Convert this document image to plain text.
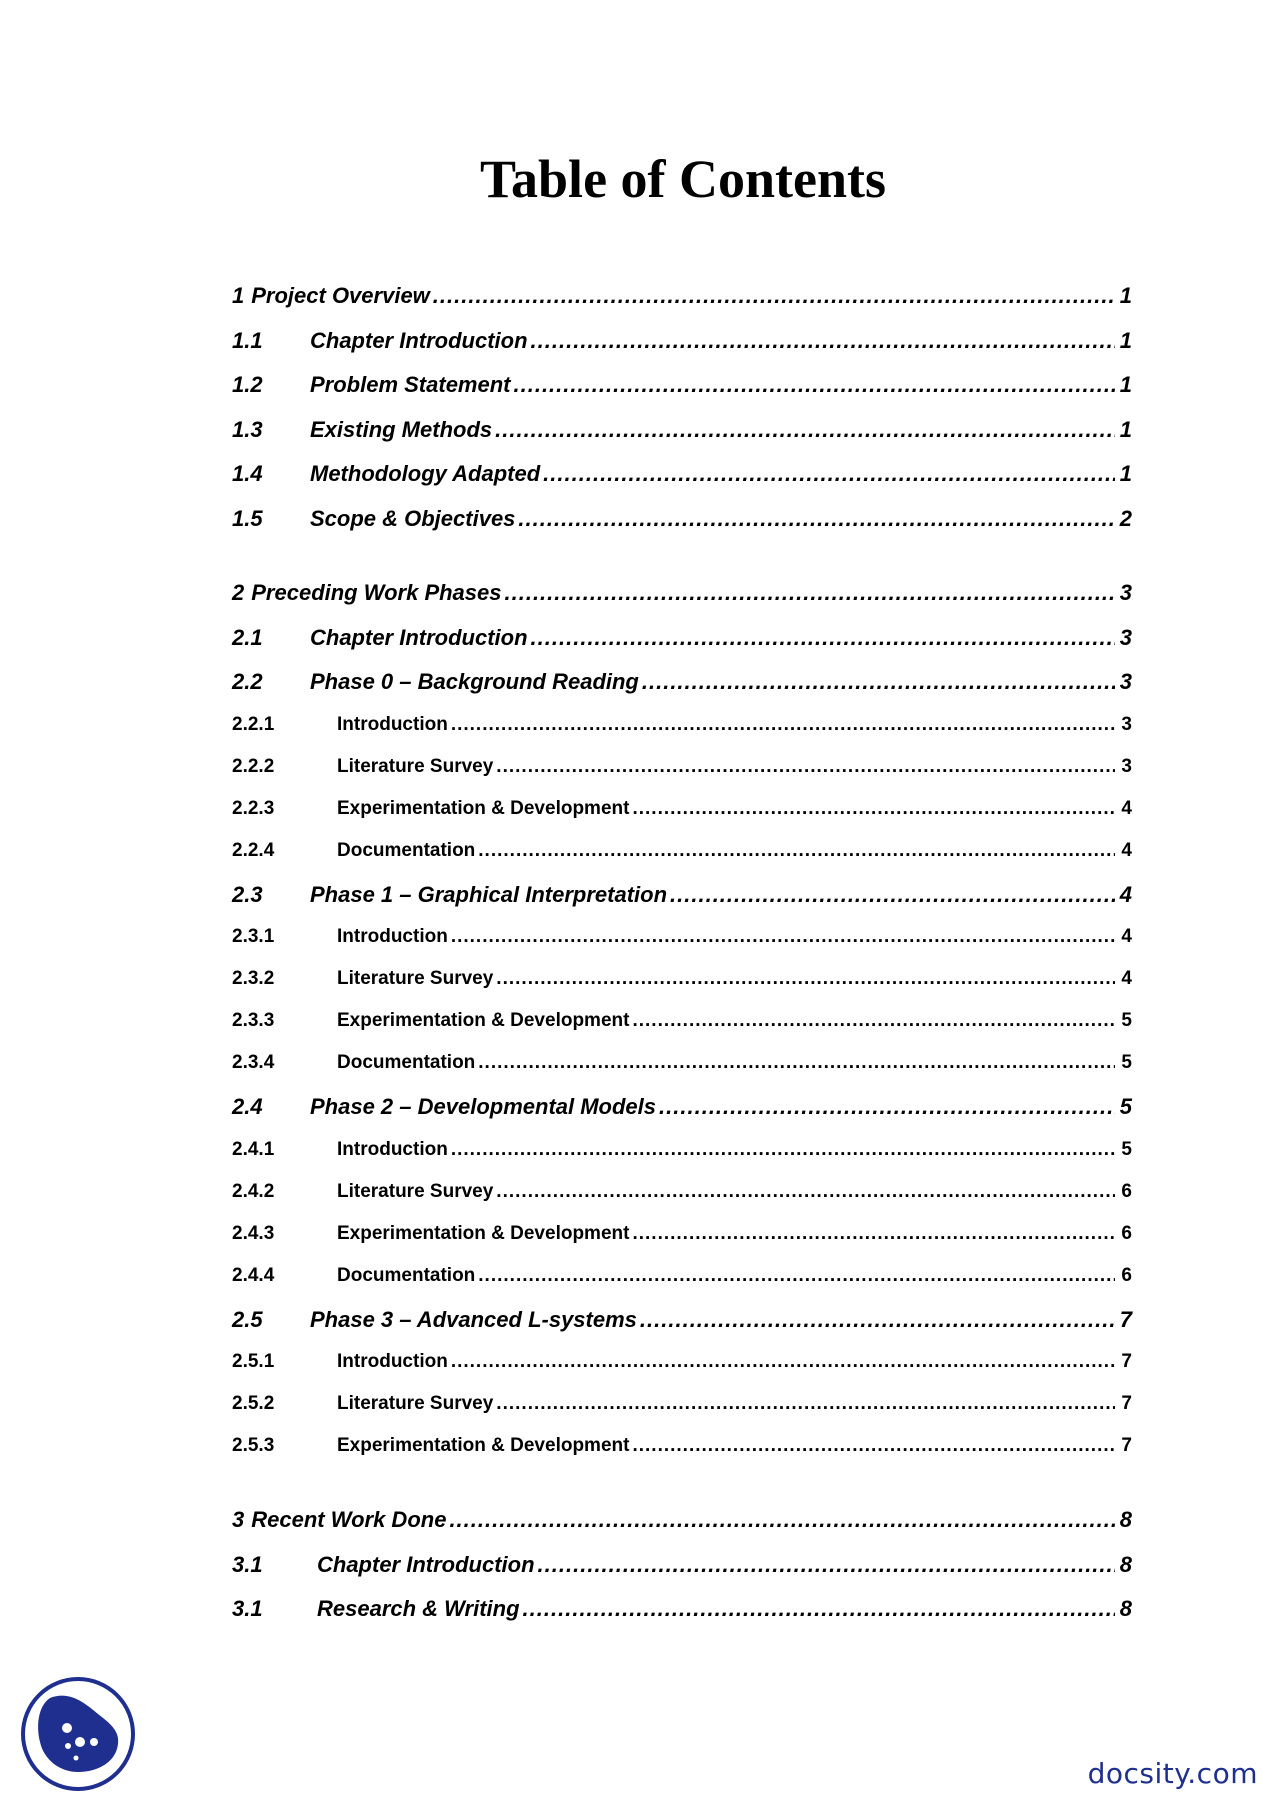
Table of Contents
1 Project Overview .....	1
1.1	Chapter Introduction .....	1
1.2	Problem Statement .....	1
1.3	Existing Methods .....	1
1.4	Methodology Adapted .....	1
1.5	Scope & Objectives .....	2
2 Preceding Work Phases .....	3
2.1	Chapter Introduction .....	3
2.2	Phase 0 – Background Reading .....	3
2.2.1	Introduction .....	3
2.2.2	Literature Survey .....	3
2.2.3	Experimentation & Development .....	4
2.2.4	Documentation .....	4
2.3	Phase 1 – Graphical Interpretation .....	4
2.3.1	Introduction .....	4
2.3.2	Literature Survey .....	4
2.3.3	Experimentation & Development .....	5
2.3.4	Documentation .....	5
2.4	Phase 2 – Developmental Models .....	5
2.4.1	Introduction .....	5
2.4.2	Literature Survey .....	6
2.4.3	Experimentation & Development .....	6
2.4.4	Documentation .....	6
2.5	Phase 3 – Advanced L-systems .....	7
2.5.1	Introduction .....	7
2.5.2	Literature Survey .....	7
2.5.3	Experimentation & Development .....	7
3 Recent Work Done .....	8
3.1	Chapter Introduction .....	8
3.1	Research & Writing .....	8
docsity.com
